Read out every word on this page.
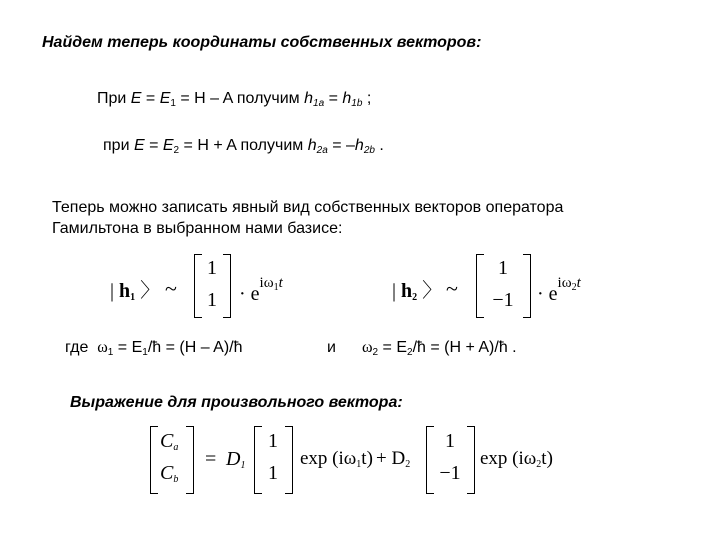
Найдем теперь координаты собственных векторов:
При $E = E_1 = H - A$ получим $h_{1a} = h_{1b}$ ;
при $E = E_2 = H + A$ получим $h_{2a} = -h_{2b}$ .
Теперь можно записать явный вид собственных векторов оператора
Гамильтона в выбранном нами базисе:
| $h_1$ 〉 ~
1
1	· $e^{i\omega_1t}$	| $h_2$ 〉 ~
1
−1	· $e^{i\omega_2t}$
где $\omega_1$ = $E_1/ħ = (H$ – A)/ħ	и $\omega_2$ = $E_2/ħ = (H$ + A)/ħ .
Выражение для произвольного вектора:
$C_a$
$C_b$
= $D_1$
1
1
$\exp (i\omega_1t) + D_2$
1
−1
$\exp (i\omega_2t)$
